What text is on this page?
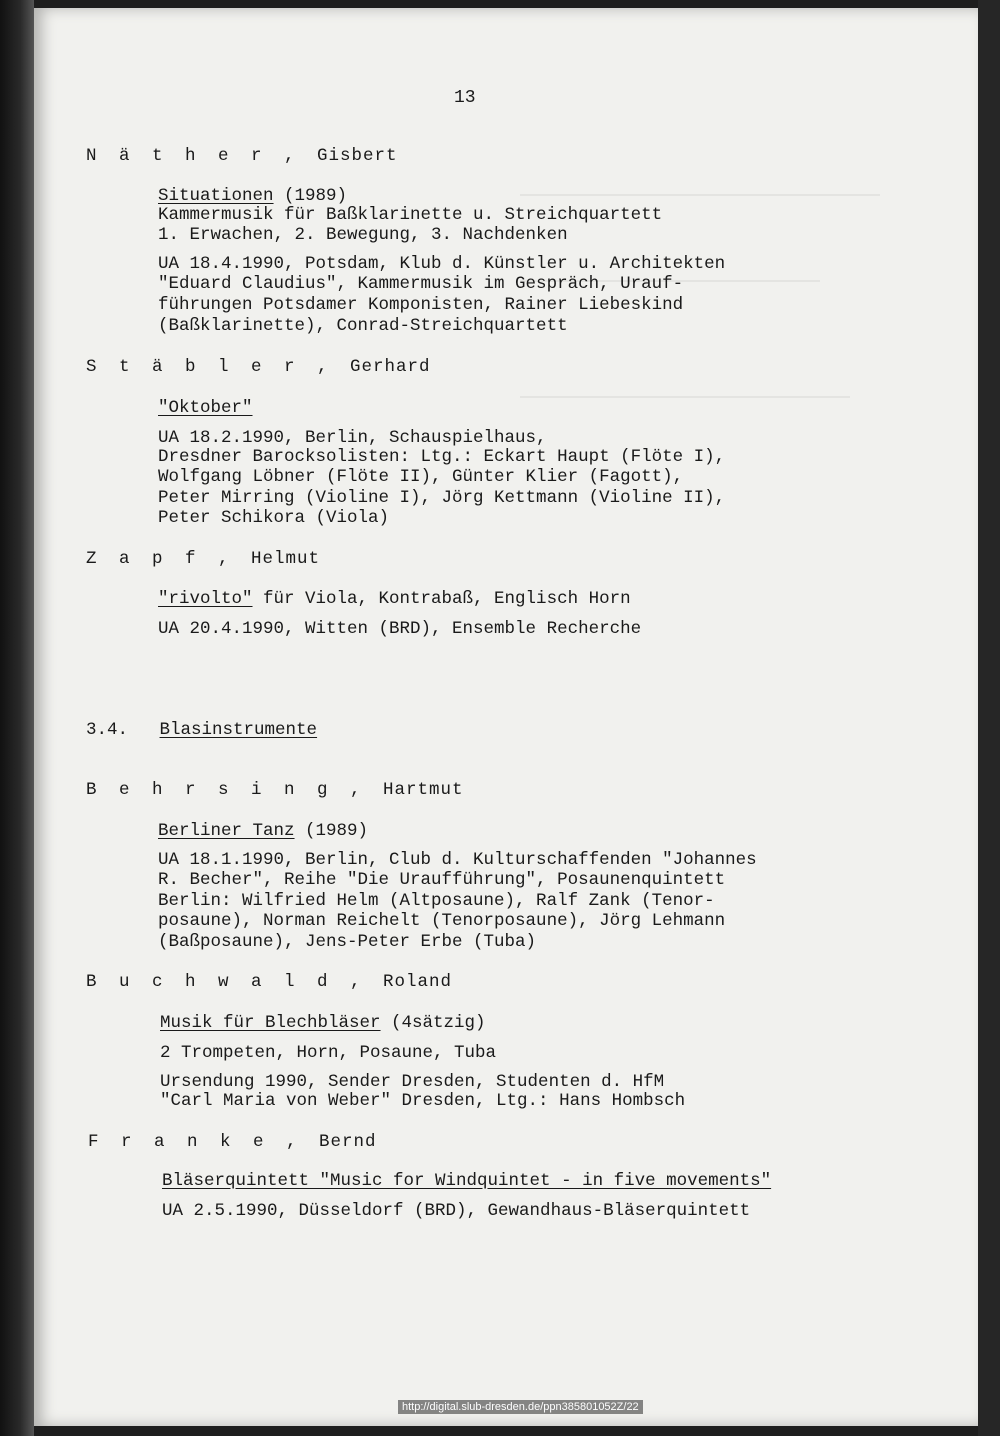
13
N ä t h e r , Gisbert
Situationen (1989)
Kammermusik für Baßklarinette u. Streichquartett
1. Erwachen, 2. Bewegung, 3. Nachdenken
UA 18.4.1990, Potsdam, Klub d. Künstler u. Architekten
"Eduard Claudius", Kammermusik im Gespräch, Urauf-
führungen Potsdamer Komponisten, Rainer Liebeskind
(Baßklarinette), Conrad-Streichquartett
S t ä b l e r , Gerhard
"Oktober"
UA 18.2.1990, Berlin, Schauspielhaus,
Dresdner Barocksolisten: Ltg.: Eckart Haupt (Flöte I),
Wolfgang Löbner (Flöte II), Günter Klier (Fagott),
Peter Mirring (Violine I), Jörg Kettmann (Violine II),
Peter Schikora (Viola)
Z a p f , Helmut
"rivolto" für Viola, Kontrabaß, Englisch Horn
UA 20.4.1990, Witten (BRD), Ensemble Recherche
3.4. Blasinstrumente
B e h r s i n g , Hartmut
Berliner Tanz (1989)
UA 18.1.1990, Berlin, Club d. Kulturschaffenden "Johannes
R. Becher", Reihe "Die Uraufführung", Posaunenquintett
Berlin: Wilfried Helm (Altposaune), Ralf Zank (Tenor-
posaune), Norman Reichelt (Tenorposaune), Jörg Lehmann
(Baßposaune), Jens-Peter Erbe (Tuba)
B u c h w a l d , Roland
Musik für Blechbläser (4sätzig)
2 Trompeten, Horn, Posaune, Tuba
Ursendung 1990, Sender Dresden, Studenten d. HfM
"Carl Maria von Weber" Dresden, Ltg.: Hans Hombsch
F r a n k e , Bernd
Bläserquintett "Music for Windquintet - in five movements"
UA 2.5.1990, Düsseldorf (BRD), Gewandhaus-Bläserquintett
http://digital.slub-dresden.de/ppn385801052Z/22
